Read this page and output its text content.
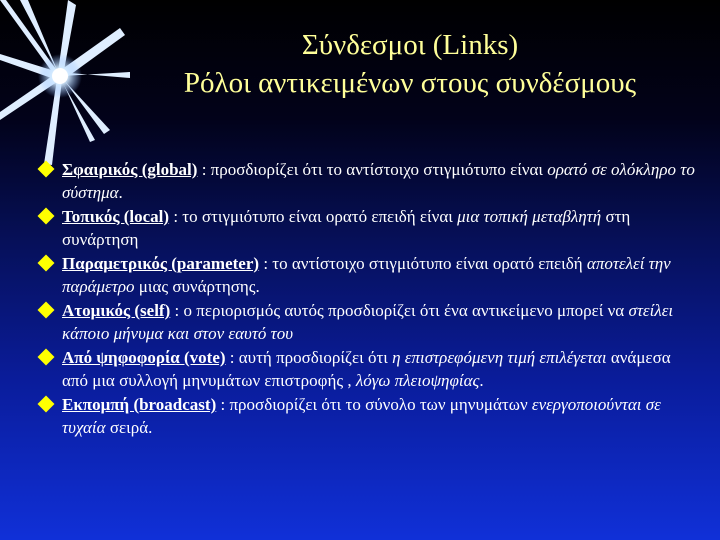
Σύνδεσμοι (Links)
Ρόλοι αντικειμένων στους συνδέσμους
Σφαιρικός (global) : προσδιορίζει ότι το αντίστοιχο στιγμιότυπο είναι ορατό σε ολόκληρο το σύστημα.
Τοπικός (local) : το στιγμιότυπο είναι ορατό επειδή είναι μια τοπική μεταβλητή στη συνάρτηση
Παραμετρικός (parameter) : το αντίστοιχο στιγμιότυπο είναι ορατό επειδή αποτελεί την παράμετρο μιας συνάρτησης.
Ατομικός (self) : ο περιορισμός αυτός προσδιορίζει ότι ένα αντικείμενο μπορεί να στείλει κάποιο μήνυμα και στον εαυτό του
Από ψηφοφορία (vote) : αυτή προσδιορίζει ότι η επιστρεφόμενη τιμή επιλέγεται ανάμεσα από μια συλλογή μηνυμάτων επιστροφής , λόγω πλειοψηφίας.
Εκπομπή (broadcast) : προσδιορίζει ότι το σύνολο των μηνυμάτων ενεργοποιούνται σε τυχαία σειρά.
